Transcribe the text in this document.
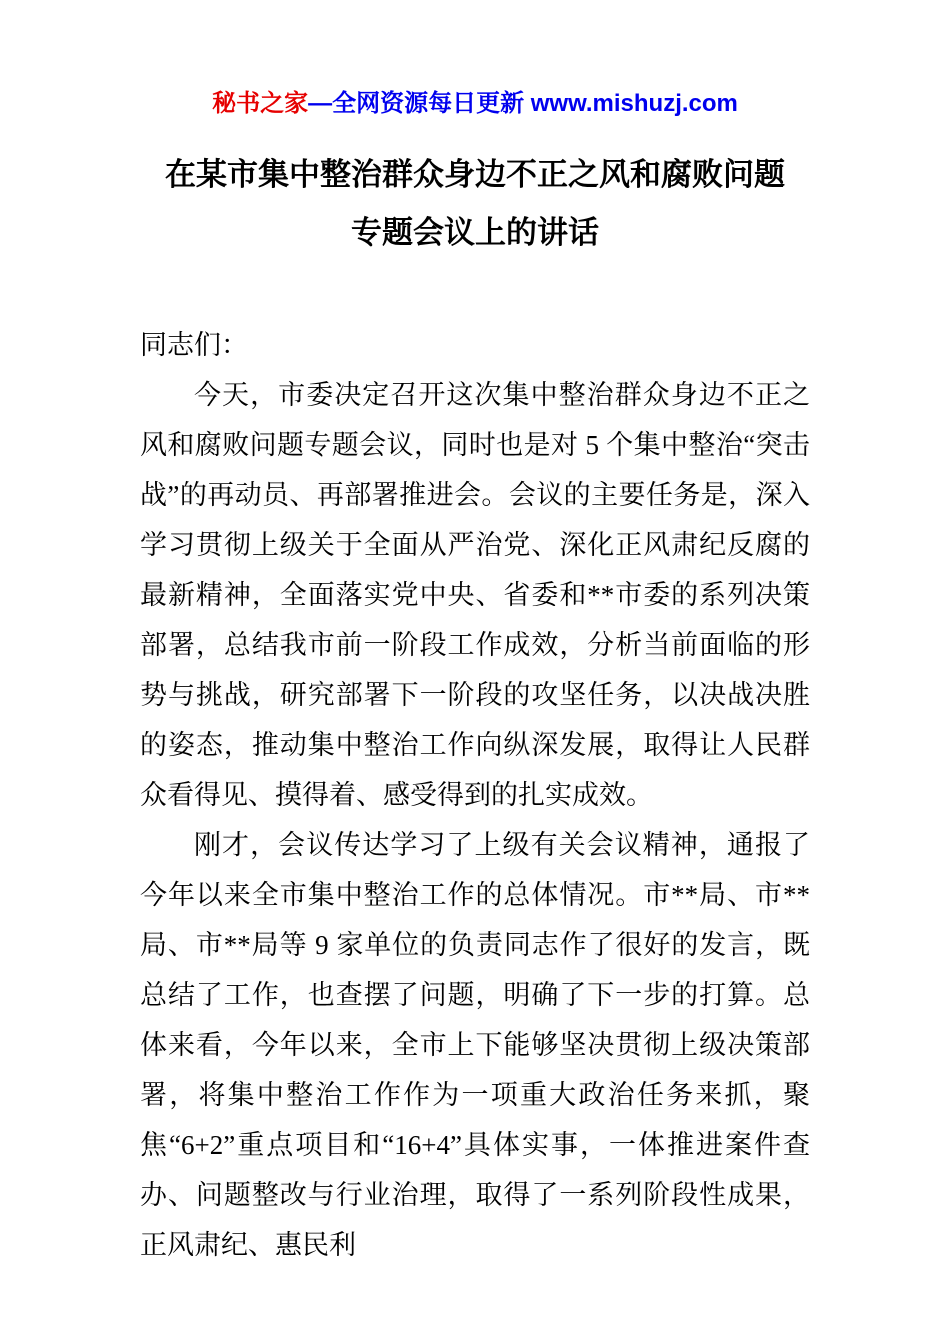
秘书之家—全网资源每日更新 www.mishuzj.com
在某市集中整治群众身边不正之风和腐败问题
专题会议上的讲话

同志们：

今天，市委决定召开这次集中整治群众身边不正之风和腐败问题专题会议，同时也是对 5 个集中整治“突击战”的再动员、再部署推进会。会议的主要任务是，深入学习贯彻上级关于全面从严治党、深化正风肃纪反腐的最新精神，全面落实党中央、省委和**市委的系列决策部署，总结我市前一阶段工作成效，分析当前面临的形势与挑战，研究部署下一阶段的攻坚任务，以决战决胜的姿态，推动集中整治工作向纵深发展，取得让人民群众看得见、摸得着、感受得到的扎实成效。

刚才，会议传达学习了上级有关会议精神，通报了今年以来全市集中整治工作的总体情况。市**局、市**局、市**局等 9 家单位的负责同志作了很好的发言，既总结了工作，也查摆了问题，明确了下一步的打算。总体来看，今年以来，全市上下能够坚决贯彻上级决策部署，将集中整治工作作为一项重大政治任务来抓，聚焦“6+2”重点项目和“16+4”具体实事，一体推进案件查办、问题整改与行业治理，取得了一系列阶段性成果，正风肃纪、惠民利
